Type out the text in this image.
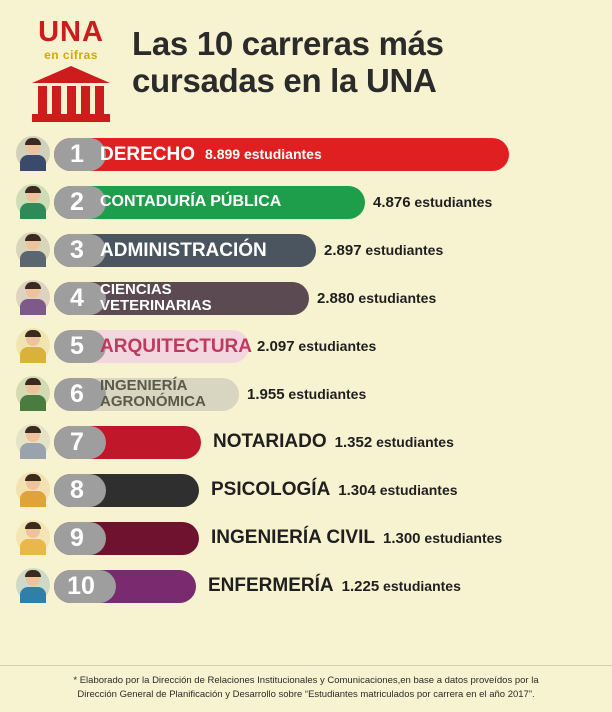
UNA
en cifras	Las 10 carreras más
cursadas en la UNA
1 DERECHO 8.899 estudiantes
2	CONTADURÍA PÚBLICA	4.876 estudiantes
3 ADMINISTRACIÓN	2.897 estudiantes
4	CIENCIAS
VETERINARIAS	2.880 estudiantes
5 ARQUITECTURA 2.097 estudiantes
6	INGENIERÍA
AGRONÓMICA	1.955 estudiantes
7	NOTARIADO 1.352 estudiantes
8	PSICOLOGÍA 1.304 estudiantes
9	INGENIERÍA CIVIL 1.300 estudiantes
10	ENFERMERÍA 1.225 estudiantes
* Elaborado por la Dirección de Relaciones Institucionales y Comunicaciones,en base a datos proveídos por la
Dirección General de Planificación y Desarrollo sobre “Estudiantes matriculados por carrera en el año 2017”.
